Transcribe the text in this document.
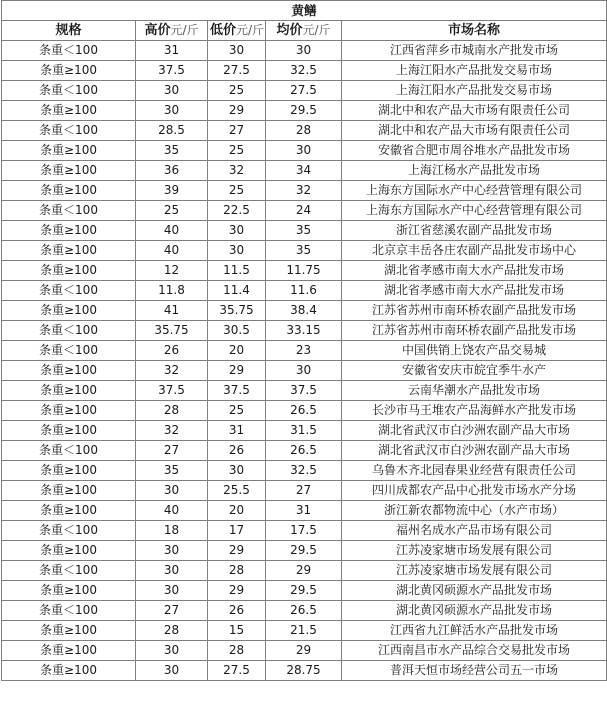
黄鳝				
规格	高价元/斤	低价元/斤	均价元/斤	市场名称
条重＜100	31	30	30	江西省萍乡市城南水产批发市场
条重≥100	37.5	27.5	32.5	上海江阳水产品批发交易市场
条重＜100	30	25	27.5	上海江阳水产品批发交易市场
条重≥100	30	29	29.5	湖北中和农产品大市场有限责任公司
条重＜100	28.5	27	28	湖北中和农产品大市场有限责任公司
条重≥100	35	25	30	安徽省合肥市周谷堆水产品批发市场
条重≥100	36	32	34	上海江杨水产品批发市场
条重≥100	39	25	32	上海东方国际水产中心经营管理有限公司
条重＜100	25	22.5	24	上海东方国际水产中心经营管理有限公司
条重≥100	40	30	35	浙江省慈溪农副产品批发市场
条重≥100	40	30	35	北京京丰岳各庄农副产品批发市场中心
条重≥100	12	11.5	11.75	湖北省孝感市南大水产品批发市场
条重＜100	11.8	11.4	11.6	湖北省孝感市南大水产品批发市场
条重≥100	41	35.75	38.4	江苏省苏州市南环桥农副产品批发市场
条重＜100	35.75	30.5	33.15	江苏省苏州市南环桥农副产品批发市场
条重＜100	26	20	23	中国供销上饶农产品交易城
条重≥100	32	29	30	安徽省安庆市皖宜季牛水产
条重≥100	37.5	37.5	37.5	云南华潮水产品批发市场
条重≥100	28	25	26.5	长沙市马王堆农产品海鲜水产批发市场
条重≥100	32	31	31.5	湖北省武汉市白沙洲农副产品大市场
条重＜100	27	26	26.5	湖北省武汉市白沙洲农副产品大市场
条重≥100	35	30	32.5	乌鲁木齐北园春果业经营有限责任公司
条重≥100	30	25.5	27	四川成都农产品中心批发市场水产分场
条重≥100	40	20	31	浙江新农都物流中心（水产市场）
条重＜100	18	17	17.5	福州名成水产品市场有限公司
条重≥100	30	29	29.5	江苏凌家塘市场发展有限公司
条重＜100	30	28	29	江苏凌家塘市场发展有限公司
条重≥100	30	29	29.5	湖北黄冈硕源水产品批发市场
条重＜100	27	26	26.5	湖北黄冈硕源水产品批发市场
条重≥100	28	15	21.5	江西省九江鲜活水产品批发市场
条重≥100	30	28	29	江西南昌市水产品综合交易批发市场
条重≥100	30	27.5	28.75	普洱天恒市场经营公司五一市场
